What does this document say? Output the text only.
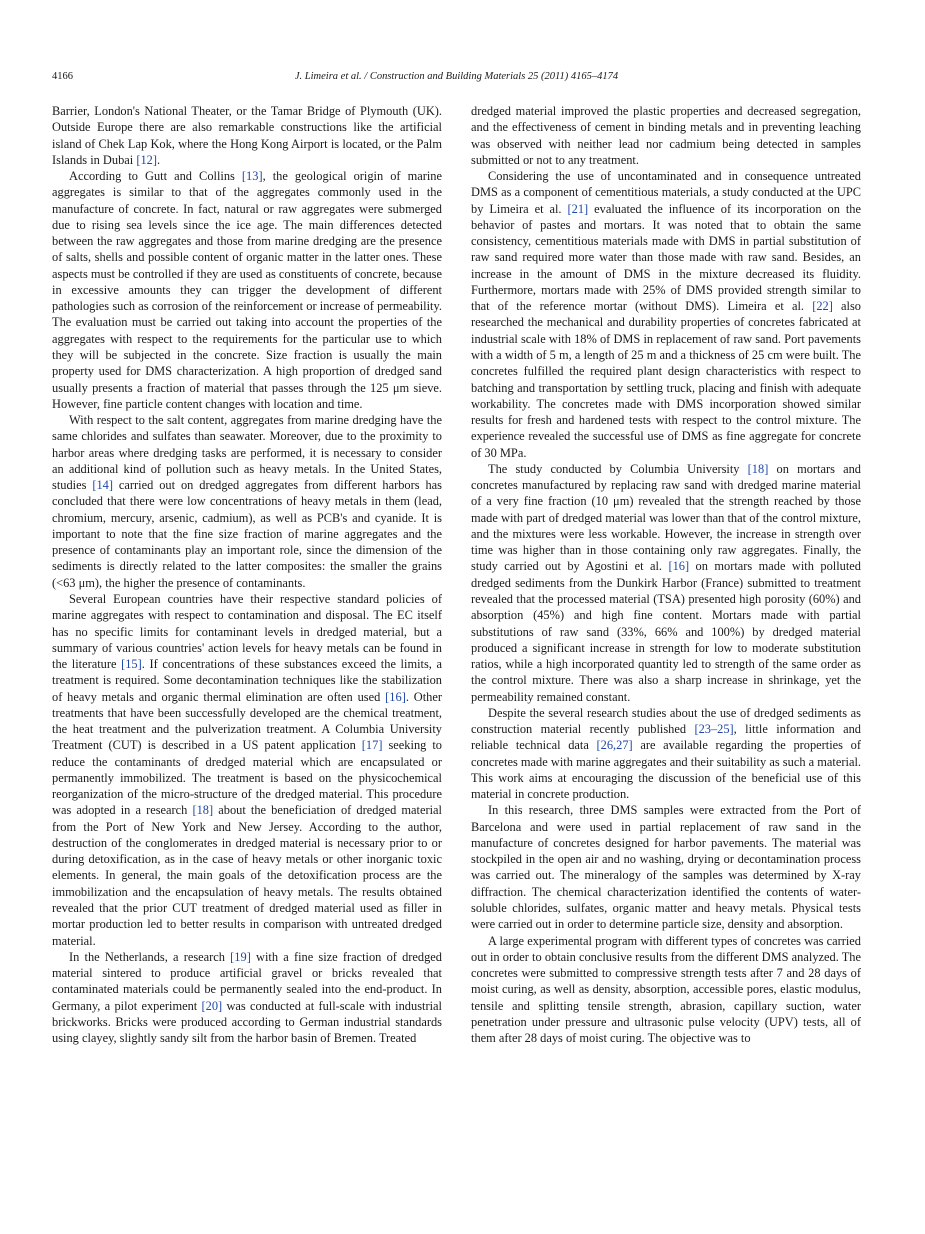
4166	J. Limeira et al. / Construction and Building Materials 25 (2011) 4165–4174

Barrier, London's National Theater, or the Tamar Bridge of Plymouth (UK). Outside Europe there are also remarkable constructions like the artificial island of Chek Lap Kok, where the Hong Kong Airport is located, or the Palm Islands in Dubai [12].

According to Gutt and Collins [13], the geological origin of marine aggregates is similar to that of the aggregates commonly used in the manufacture of concrete. In fact, natural or raw aggregates were submerged due to rising sea levels since the ice age. The main differences detected between the raw aggregates and those from marine dredging are the presence of salts, shells and possible content of organic matter in the latter ones. These aspects must be controlled if they are used as constituents of concrete, because in excessive amounts they can trigger the development of different pathologies such as corrosion of the reinforcement or increase of permeability. The evaluation must be carried out taking into account the properties of the aggregates with respect to the requirements for the particular use to which they will be subjected in the concrete. Size fraction is usually the main property used for DMS characterization. A high proportion of dredged sand usually presents a fraction of material that passes through the 125 μm sieve. However, fine particle content changes with location and time.

With respect to the salt content, aggregates from marine dredging have the same chlorides and sulfates than seawater. Moreover, due to the proximity to harbor areas where dredging tasks are performed, it is necessary to consider an additional kind of pollution such as heavy metals. In the United States, studies [14] carried out on dredged aggregates from different harbors has concluded that there were low concentrations of heavy metals in them (lead, chromium, mercury, arsenic, cadmium), as well as PCB's and cyanide. It is important to note that the fine size fraction of marine aggregates and the presence of contaminants play an important role, since the dimension of the sediments is directly related to the latter composites: the smaller the grains (<63 μm), the higher the presence of contaminants.

Several European countries have their respective standard policies of marine aggregates with respect to contamination and disposal. The EC itself has no specific limits for contaminant levels in dredged material, but a summary of various countries' action levels for heavy metals can be found in the literature [15]. If concentrations of these substances exceed the limits, a treatment is required. Some decontamination techniques like the stabilization of heavy metals and organic thermal elimination are often used [16]. Other treatments that have been successfully developed are the chemical treatment, the heat treatment and the pulverization treatment. A Columbia University Treatment (CUT) is described in a US patent application [17] seeking to reduce the contaminants of dredged material which are encapsulated or permanently immobilized. The treatment is based on the physicochemical reorganization of the micro-structure of the dredged material. This procedure was adopted in a research [18] about the beneficiation of dredged material from the Port of New York and New Jersey. According to the author, destruction of the conglomerates in dredged material is necessary prior to or during detoxification, as in the case of heavy metals or other inorganic toxic elements. In general, the main goals of the detoxification process are the immobilization and the encapsulation of heavy metals. The results obtained revealed that the prior CUT treatment of dredged material used as filler in mortar production led to better results in comparison with untreated dredged material.

In the Netherlands, a research [19] with a fine size fraction of dredged material sintered to produce artificial gravel or bricks revealed that contaminated materials could be permanently sealed into the end-product. In Germany, a pilot experiment [20] was conducted at full-scale with industrial brickworks. Bricks were produced according to German industrial standards using clayey, slightly sandy silt from the harbor basin of Bremen. Treated

dredged material improved the plastic properties and decreased segregation, and the effectiveness of cement in binding metals and in preventing leaching was observed with neither lead nor cadmium being detected in samples submitted or not to any treatment.

Considering the use of uncontaminated and in consequence untreated DMS as a component of cementitious materials, a study conducted at the UPC by Limeira et al. [21] evaluated the influence of its incorporation on the behavior of pastes and mortars. It was noted that to obtain the same consistency, cementitious materials made with DMS in partial substitution of raw sand required more water than those made with raw sand. Besides, an increase in the amount of DMS in the mixture decreased its fluidity. Furthermore, mortars made with 25% of DMS provided strength similar to that of the reference mortar (without DMS). Limeira et al. [22] also researched the mechanical and durability properties of concretes fabricated at industrial scale with 18% of DMS in replacement of raw sand. Port pavements with a width of 5 m, a length of 25 m and a thickness of 25 cm were built. The concretes fulfilled the required plant design characteristics with respect to batching and transportation by settling truck, placing and finish with adequate workability. The concretes made with DMS incorporation showed similar results for fresh and hardened tests with respect to the control mixture. The experience revealed the successful use of DMS as fine aggregate for concrete of 30 MPa.

The study conducted by Columbia University [18] on mortars and concretes manufactured by replacing raw sand with dredged marine material of a very fine fraction (10 μm) revealed that the strength reached by those made with part of dredged material was lower than that of the control mixture, and the mixtures were less workable. However, the increase in strength over time was higher than in those containing only raw aggregates. Finally, the study carried out by Agostini et al. [16] on mortars made with polluted dredged sediments from the Dunkirk Harbor (France) submitted to treatment revealed that the processed material (TSA) presented high porosity (60%) and absorption (45%) and high fine content. Mortars made with partial substitutions of raw sand (33%, 66% and 100%) by dredged material produced a significant increase in strength for low to moderate substitution ratios, while a high incorporated quantity led to strength of the same order as the control mixture. There was also a sharp increase in shrinkage, yet the permeability remained constant.

Despite the several research studies about the use of dredged sediments as construction material recently published [23–25], little information and reliable technical data [26,27] are available regarding the properties of concretes made with marine aggregates and their suitability as such a material. This work aims at encouraging the discussion of the beneficial use of this material in concrete production.

In this research, three DMS samples were extracted from the Port of Barcelona and were used in partial replacement of raw sand in the manufacture of concretes designed for harbor pavements. The material was stockpiled in the open air and no washing, drying or decontamination process was carried out. The mineralogy of the samples was determined by X-ray diffraction. The chemical characterization identified the contents of water-soluble chlorides, sulfates, organic matter and heavy metals. Physical tests were carried out in order to determine particle size, density and absorption.

A large experimental program with different types of concretes was carried out in order to obtain conclusive results from the different DMS analyzed. The concretes were submitted to compressive strength tests after 7 and 28 days of moist curing, as well as density, absorption, accessible pores, elastic modulus, tensile and splitting tensile strength, abrasion, capillary suction, water penetration under pressure and ultrasonic pulse velocity (UPV) tests, all of them after 28 days of moist curing. The objective was to
